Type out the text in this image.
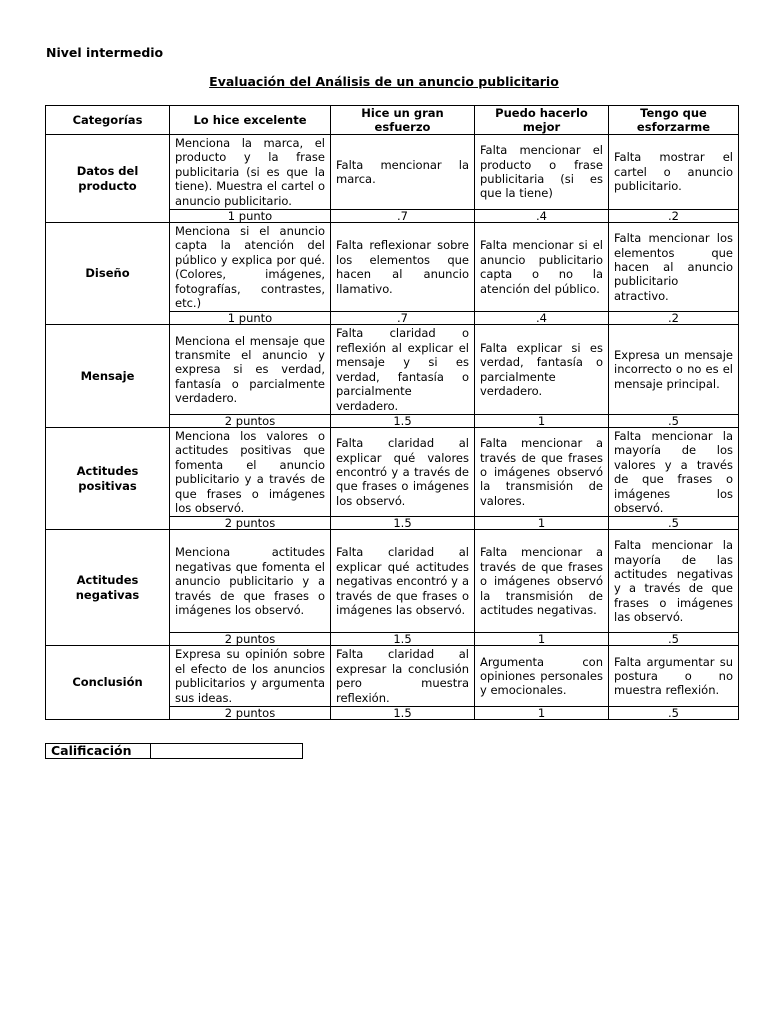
Nivel intermedio
Evaluación del Análisis de un anuncio publicitario
Categorías	Lo hice excelente	Hice un gran esfuerzo	Puedo hacerlo mejor	Tengo que esforzarme
Datos del producto	Menciona la marca, el producto y la frase publicitaria (si es que la tiene). Muestra el cartel o anuncio publicitario.	Falta mencionar la marca.	Falta mencionar el producto o frase publicitaria (si es que la tiene)	Falta mostrar el cartel o anuncio publicitario.
	1 punto	.7	.4	.2
Diseño	Menciona si el anuncio capta la atención del público y explica por qué. (Colores, imágenes, fotografías, contrastes, etc.)	Falta reflexionar sobre los elementos que hacen al anuncio llamativo.	Falta mencionar si el anuncio publicitario capta o no la atención del público.	Falta mencionar los elementos que hacen al anuncio publicitario atractivo.
	1 punto	.7	.4	.2
Mensaje	Menciona el mensaje que transmite el anuncio y expresa si es verdad, fantasía o parcialmente verdadero.	Falta claridad o reflexión al explicar el mensaje y si es verdad, fantasía o parcialmente verdadero.	Falta explicar si es verdad, fantasía o parcialmente verdadero.	Expresa un mensaje incorrecto o no es el mensaje principal.
	2 puntos	1.5	1	.5
Actitudes positivas	Menciona los valores o actitudes positivas que fomenta el anuncio publicitario y a través de que frases o imágenes los observó.	Falta claridad al explicar qué valores encontró y a través de que frases o imágenes los observó.	Falta mencionar a través de que frases o imágenes observó la transmisión de valores.	Falta mencionar la mayoría de los valores y a través de que frases o imágenes los observó.
	2 puntos	1.5	1	.5
Actitudes negativas	Menciona actitudes negativas que fomenta el anuncio publicitario y a través de que frases o imágenes los observó.	Falta claridad al explicar qué actitudes negativas encontró y a través de que frases o imágenes las observó.	Falta mencionar a través de que frases o imágenes observó la transmisión de actitudes negativas.	Falta mencionar la mayoría de las actitudes negativas y a través de que frases o imágenes las observó.
	2 puntos	1.5	1	.5
Conclusión	Expresa su opinión sobre el efecto de los anuncios publicitarios y argumenta sus ideas.	Falta claridad al expresar la conclusión pero muestra reflexión.	Argumenta con opiniones personales y emocionales.	Falta argumentar su postura o no muestra reflexión.
	2 puntos	1.5	1	.5
Calificación	
